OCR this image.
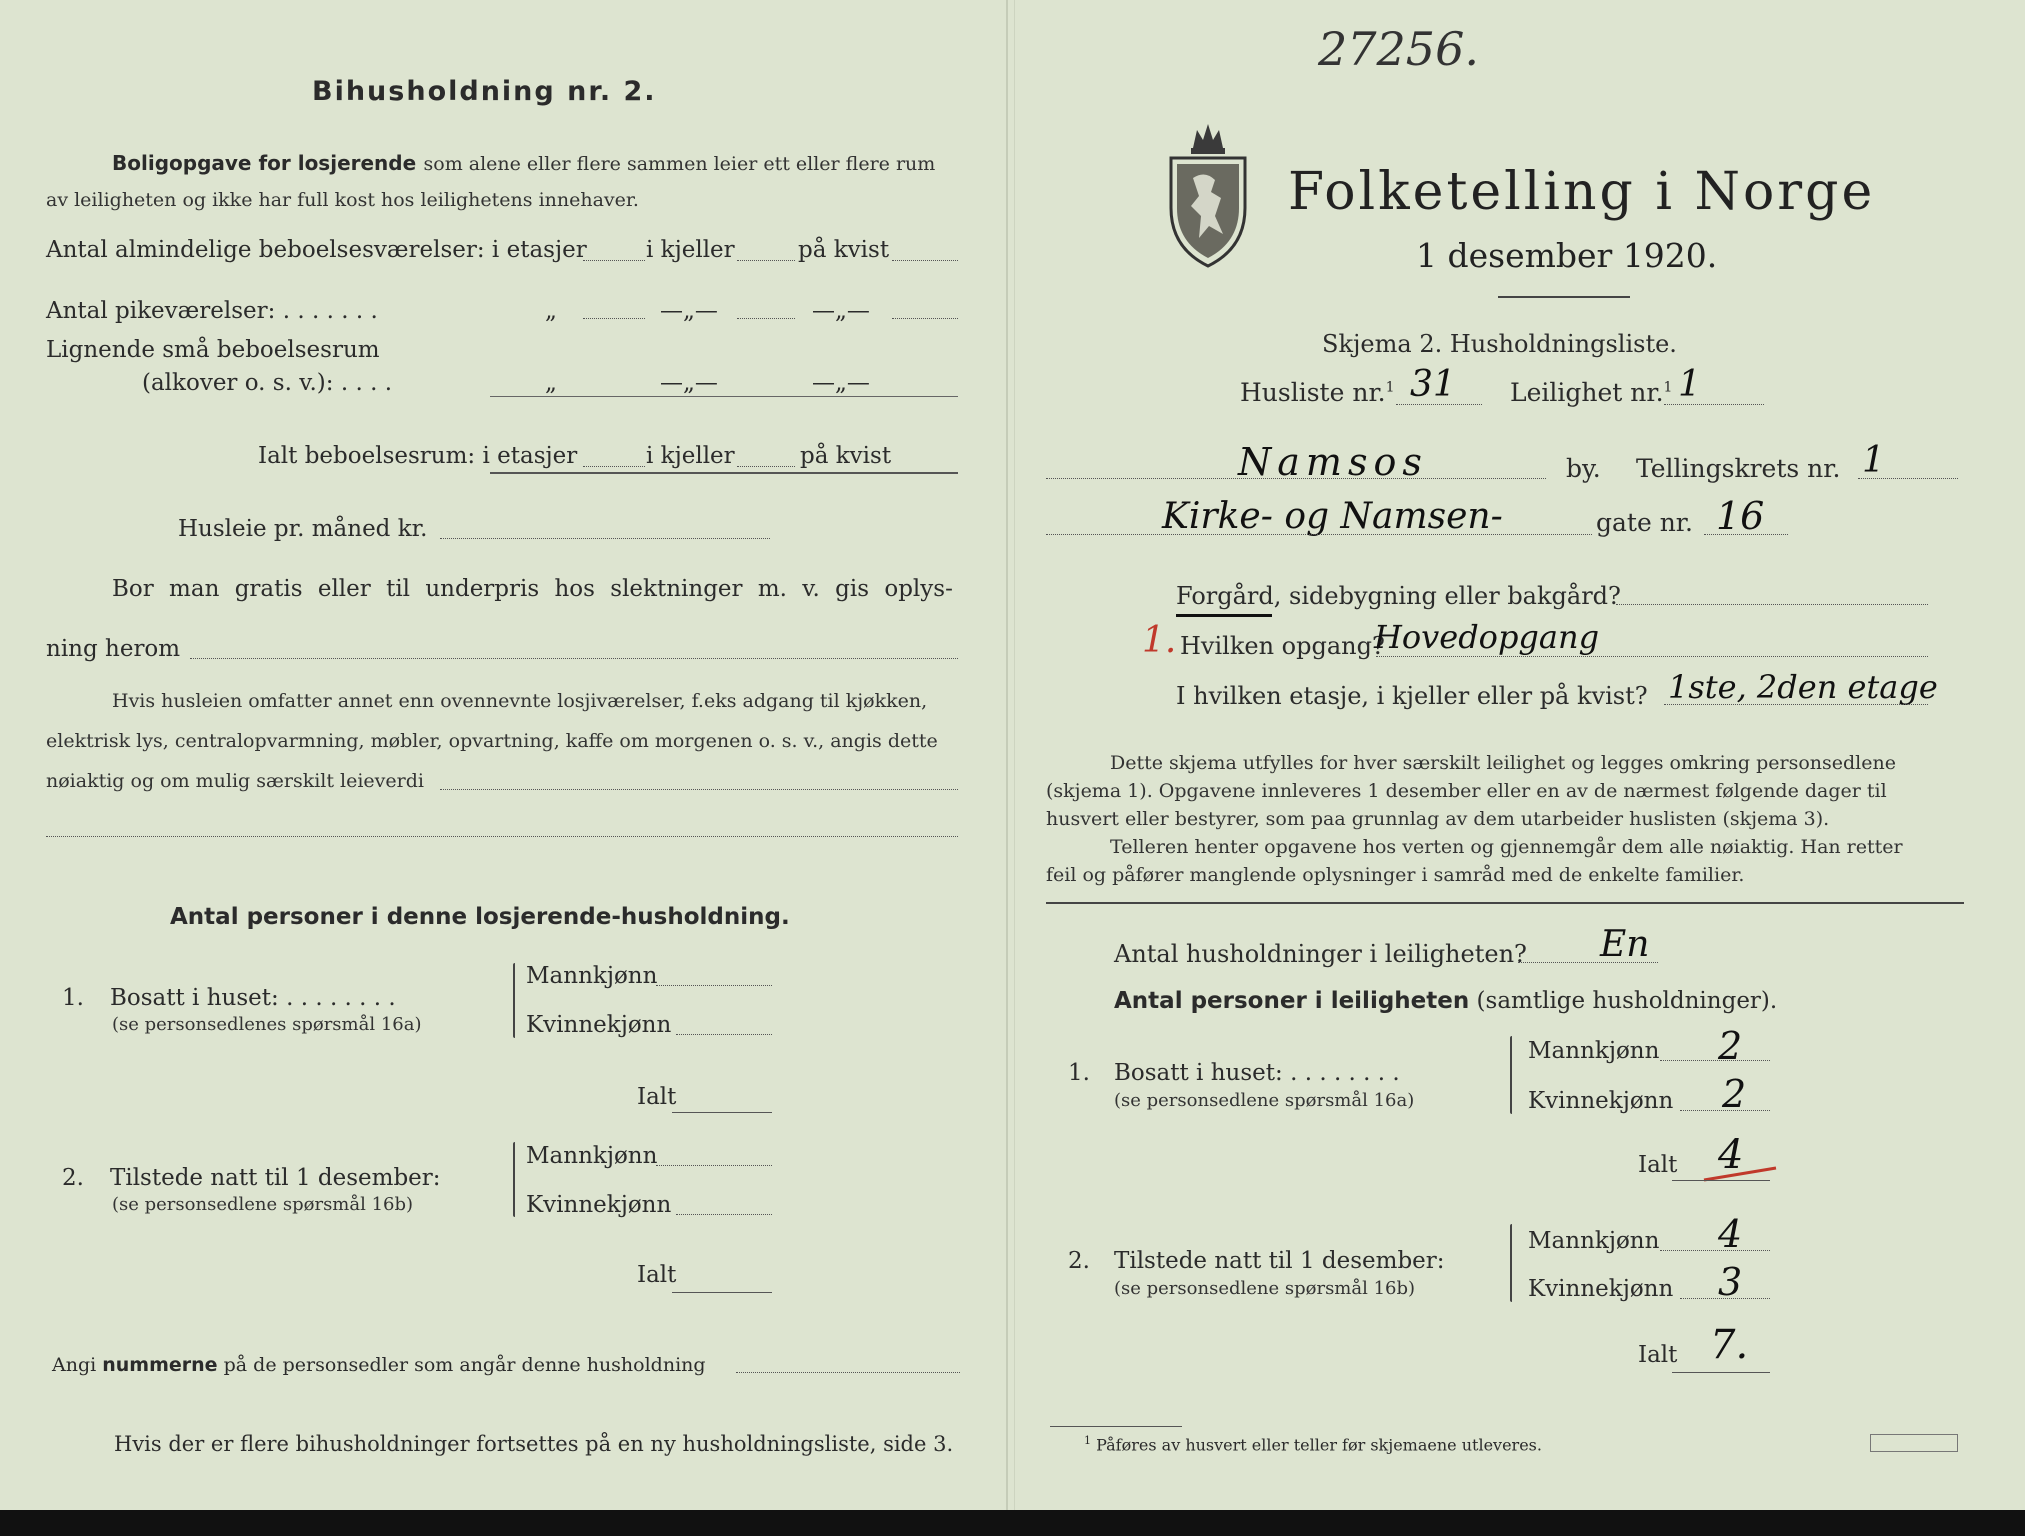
Bihusholdning nr. 2.
Boligopgave for losjerende som alene eller flere sammen leier ett eller flere rum
av leiligheten og ikke har full kost hos leilighetens innehaver.
Antal almindelige beboelsesværelser: i etasjer	i kjeller	på kvist
Antal pikeværelser: . . . . . . .	„	—„—	—„—
Lignende små beboelsesrum
(alkover o. s. v.): . . . .	„	—„—	—„—
Ialt beboelsesrum: i etasjer	i kjeller	på kvist
Husleie pr. måned kr.
Bor man gratis eller til underpris hos slektninger m. v. gis oplys-
ning herom
Hvis husleien omfatter annet enn ovennevnte losjiværelser, f.eks adgang til kjøkken,
elektrisk lys, centralopvarmning, møbler, opvartning, kaffe om morgenen o. s. v., angis dette
nøiaktig og om mulig særskilt leieverdi
Antal personer i denne losjerende-husholdning.
1. Bosatt i huset: . . . . . . . .
(se personsedlenes spørsmål 16a)
Mannkjønn
Kvinnekjønn
Ialt
2. Tilstede natt til 1 desember:
(se personsedlene spørsmål 16b)
Mannkjønn
Kvinnekjønn
Ialt
Angi nummerne på de personsedler som angår denne husholdning
Hvis der er flere bihusholdninger fortsettes på en ny husholdningsliste, side 3.
27256.
Folketelling i Norge
1 desember 1920.
Skjema 2. Husholdningsliste.
Husliste nr.$^1$ 31 Leilighet nr.$^1$ 1
Namsos	by. Tellingskrets nr. 1
Kirke- og Namsen-	gate nr. 16
Forgård, sidebygning eller bakgård?
1. Hvilken opgang?
Hovedopgang
I hvilken etasje, i kjeller eller på kvist? 1ste, 2den etage
Dette skjema utfylles for hver særskilt leilighet og legges omkring personsedlene
(skjema 1). Opgavene innleveres 1 desember eller en av de nærmest følgende dager til
husvert eller bestyrer, som paa grunnlag av dem utarbeider huslisten (skjema 3).
Telleren henter opgavene hos verten og gjennemgår dem alle nøiaktig. Han retter
feil og påfører manglende oplysninger i samråd med de enkelte familier.
Antal husholdninger i leiligheten? En
Antal personer i leiligheten (samtlige husholdninger).
1. Bosatt i huset: . . . . . . . .
(se personsedlene spørsmål 16a)
Mannkjønn 2
Kvinnekjønn 2
Ialt 4
2. Tilstede natt til 1 desember:
(se personsedlene spørsmål 16b)
Mannkjønn 4
Kvinnekjønn 3
Ialt 7.
$^1$ Påføres av husvert eller teller før skjemaene utleveres.
